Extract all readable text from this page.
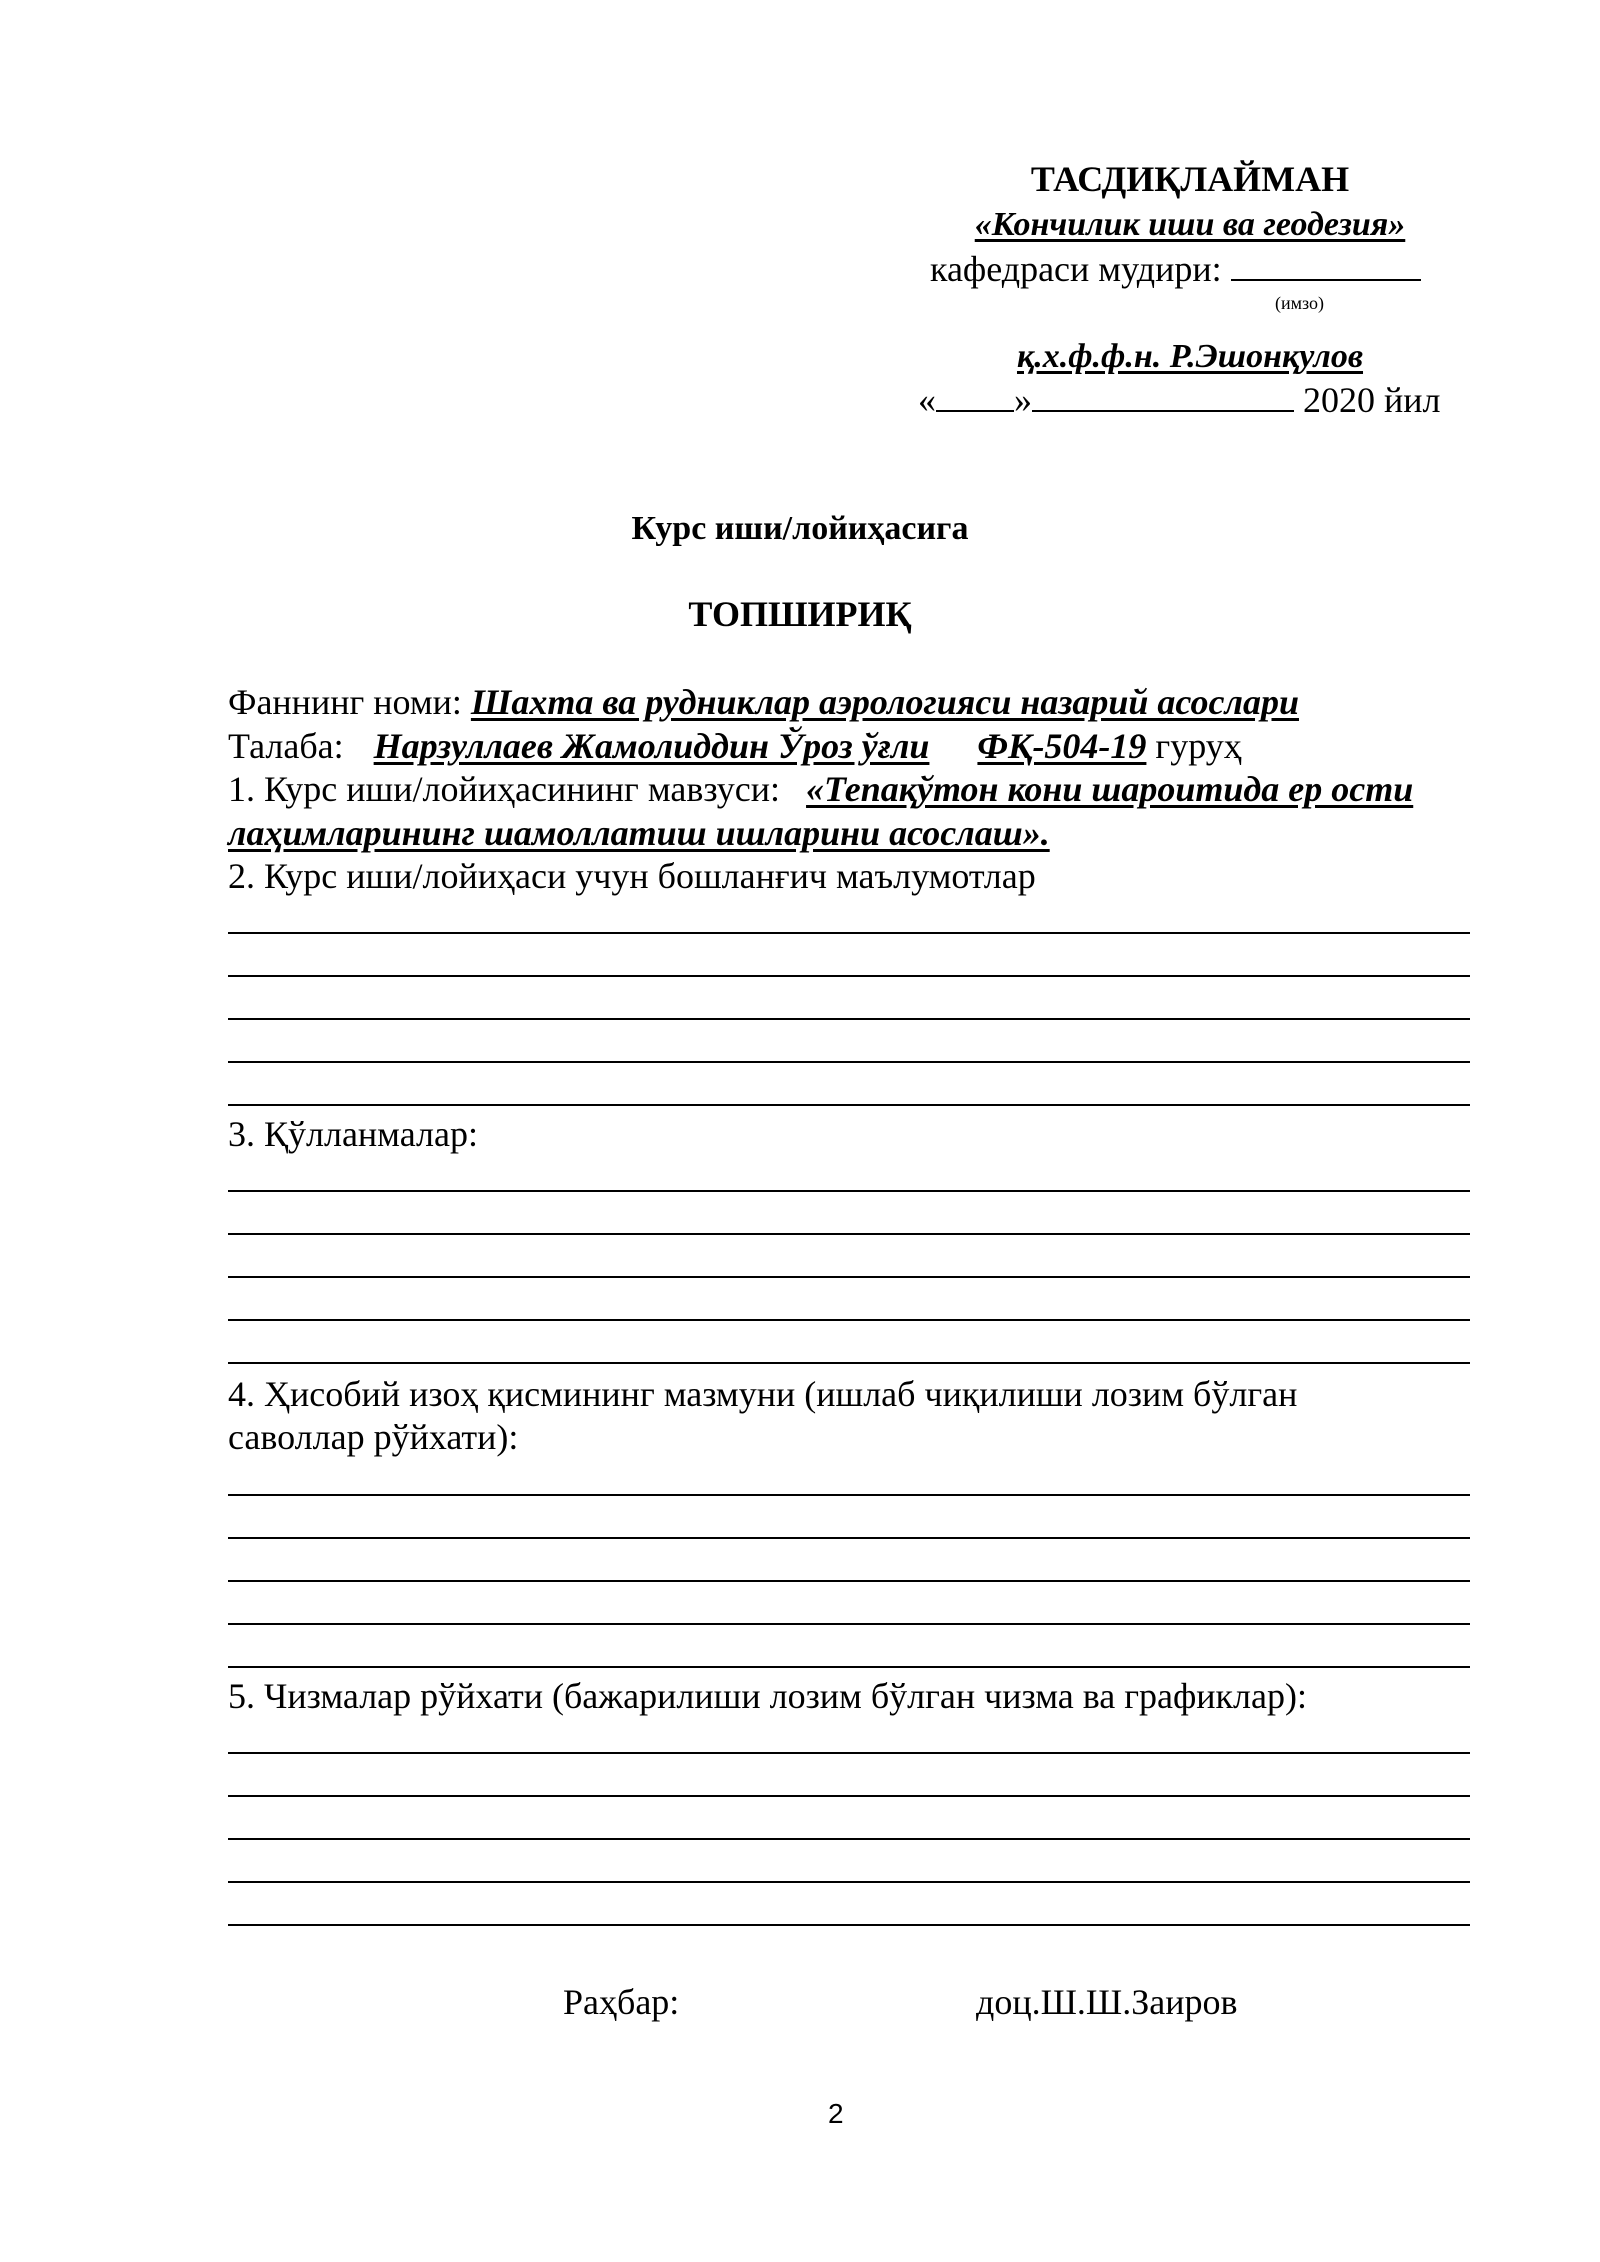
ТАСДИҚЛАЙМАН
«Кончилик иши ва геодезия»
кафедраси мудири:
(имзо)
қ.х.ф.ф.н. Р.Эшонқулов
« »	2020 йил
Курс иши/лойиҳасига
ТОПШИРИҚ
Фаннинг номи: Шахта ва рудниклар аэрологияси назарий асослари
Талаба: Нарзуллаев Жамолиддин Ўроз ўғли ФҚ-504-19 гуруҳ
1. Курс иши/лойиҳасининг мавзуси: «Тепақўтон кони шароитида ер ости
лаҳимларининг шамоллатиш ишларини асослаш».
2. Курс иши/лойиҳаси учун бошланғич маълумотлар
3. Қўлланмалар:
4. Ҳисобий изоҳ қисмининг мазмуни (ишлаб чиқилиши лозим бўлган
саволлар рўйхати):
5. Чизмалар рўйхати (бажарилиши лозим бўлган чизма ва графиклар):
Раҳбар:	доц.Ш.Ш.Заиров
2
